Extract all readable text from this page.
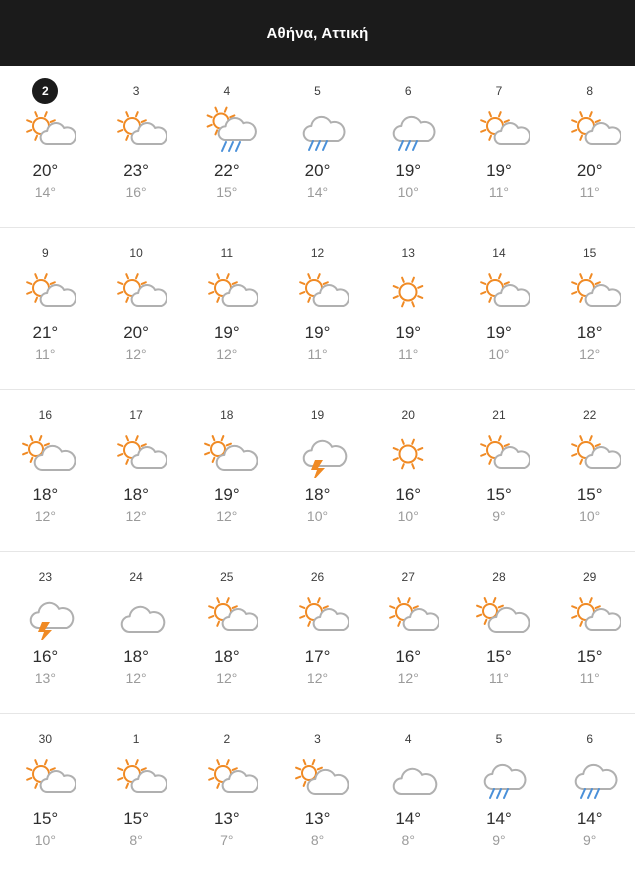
Αθήνα, Αττική
2
20°
14°
3
23°
16°
4
22°
15°
5
20°
14°
6
19°
10°
7
19°
11°
8
20°
11°
9
21°
11°
10
20°
12°
11
19°
12°
12
19°
11°
13
19°
11°
14
19°
10°
15
18°
12°
16
18°
12°
17
18°
12°
18
19°
12°
19
18°
10°
20
16°
10°
21
15°
9°
22
15°
10°
23
16°
13°
24
18°
12°
25
18°
12°
26
17°
12°
27
16°
12°
28
15°
11°
29
15°
11°
30
15°
10°
1
15°
8°
2
13°
7°
3
13°
8°
4
14°
8°
5
14°
9°
6
14°
9°
